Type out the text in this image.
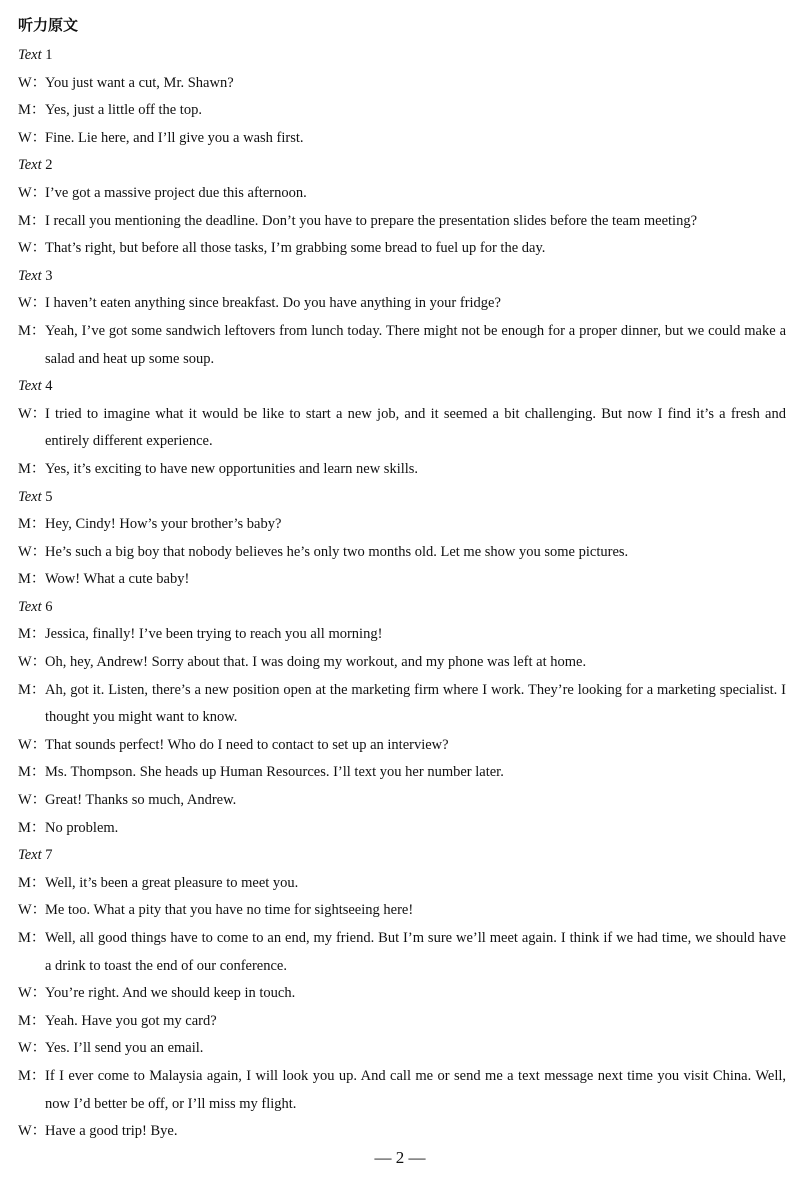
听力原文
Text 1
W：You just want a cut, Mr. Shawn?
M：Yes, just a little off the top.
W：Fine. Lie here, and I’ll give you a wash first.
Text 2
W：I’ve got a massive project due this afternoon.
M：I recall you mentioning the deadline. Don’t you have to prepare the presentation slides before the team meeting?
W：That’s right, but before all those tasks, I’m grabbing some bread to fuel up for the day.
Text 3
W：I haven’t eaten anything since breakfast. Do you have anything in your fridge?
M：Yeah, I’ve got some sandwich leftovers from lunch today. There might not be enough for a proper dinner, but we could make a salad and heat up some soup.
Text 4
W：I tried to imagine what it would be like to start a new job, and it seemed a bit challenging. But now I find it’s a fresh and entirely different experience.
M：Yes, it’s exciting to have new opportunities and learn new skills.
Text 5
M：Hey, Cindy! How’s your brother’s baby?
W：He’s such a big boy that nobody believes he’s only two months old. Let me show you some pictures.
M：Wow! What a cute baby!
Text 6
M：Jessica, finally! I’ve been trying to reach you all morning!
W：Oh, hey, Andrew! Sorry about that. I was doing my workout, and my phone was left at home.
M：Ah, got it. Listen, there’s a new position open at the marketing firm where I work. They’re looking for a marketing specialist. I thought you might want to know.
W：That sounds perfect! Who do I need to contact to set up an interview?
M：Ms. Thompson. She heads up Human Resources. I’ll text you her number later.
W：Great! Thanks so much, Andrew.
M：No problem.
Text 7
M：Well, it’s been a great pleasure to meet you.
W：Me too. What a pity that you have no time for sightseeing here!
M：Well, all good things have to come to an end, my friend. But I’m sure we’ll meet again. I think if we had time, we should have a drink to toast the end of our conference.
W：You’re right. And we should keep in touch.
M：Yeah. Have you got my card?
W：Yes. I’ll send you an email.
M：If I ever come to Malaysia again, I will look you up. And call me or send me a text message next time you visit China. Well, now I’d better be off, or I’ll miss my flight.
W：Have a good trip! Bye.
— 2 —
